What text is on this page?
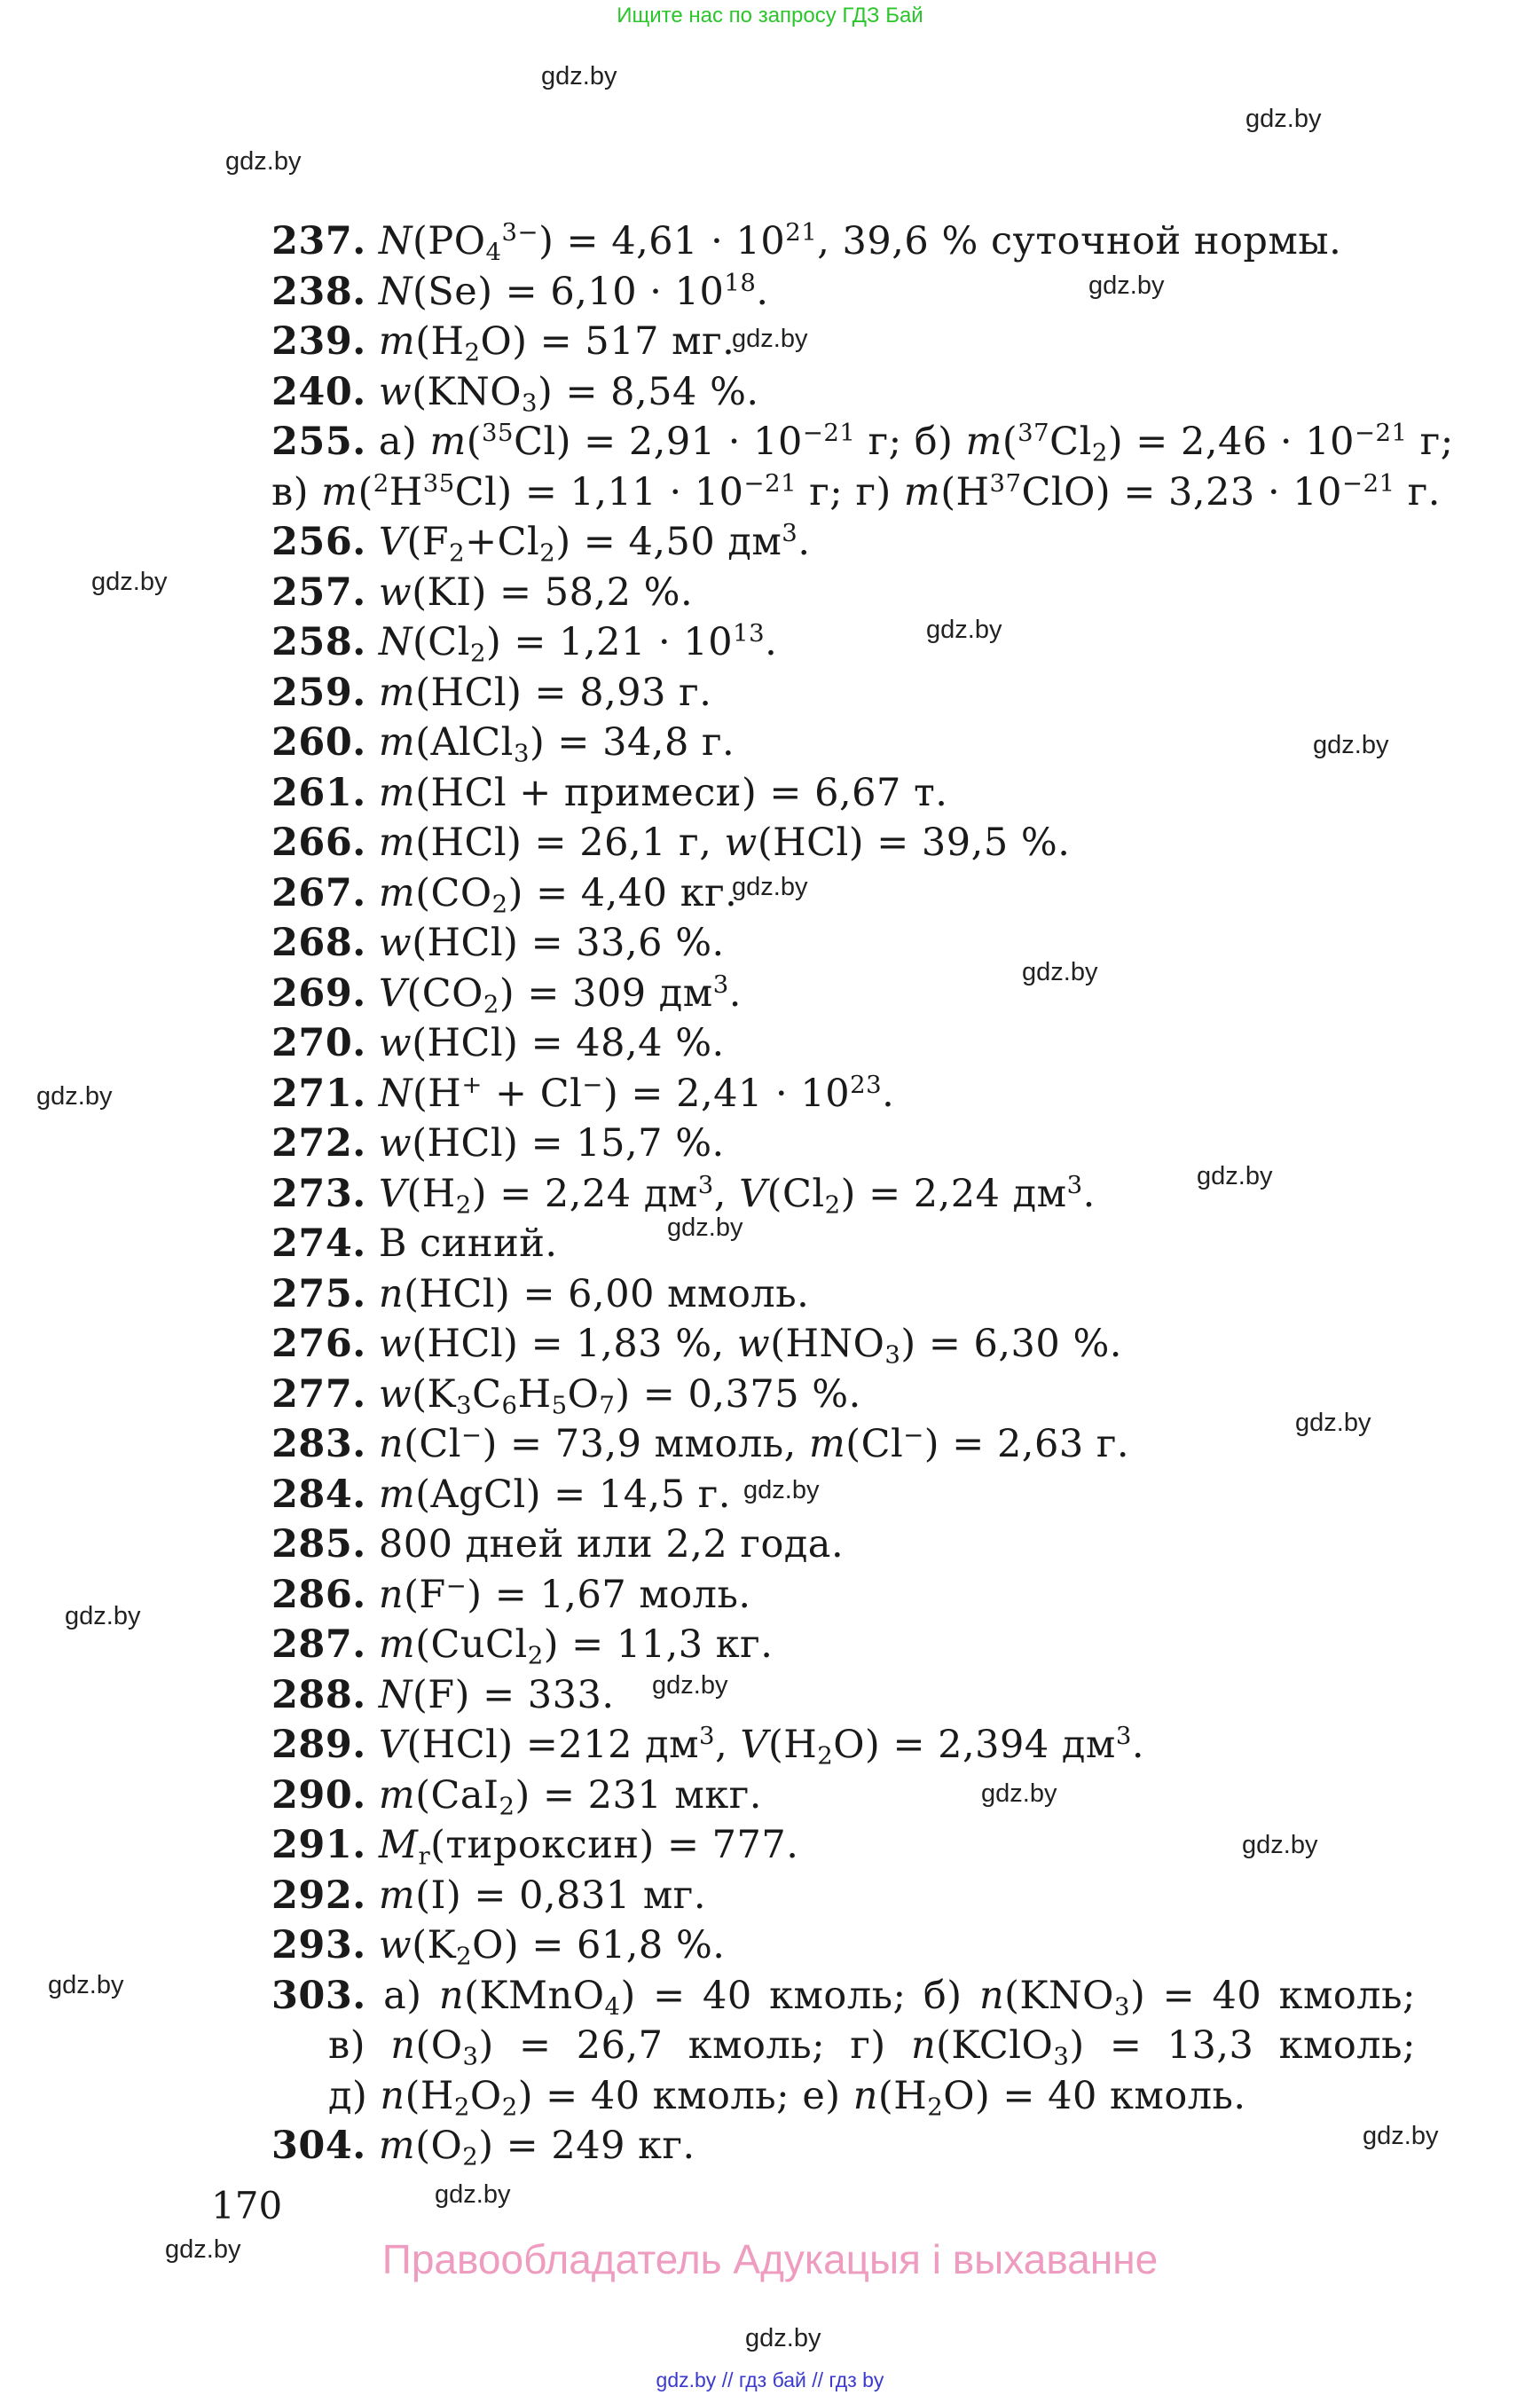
Ищите нас по запросу ГДЗ Бай
gdz.by
gdz.by
gdz.by
gdz.by
gdz.by
gdz.by
gdz.by
gdz.by
gdz.by
gdz.by
gdz.by
gdz.by
gdz.by
gdz.by
gdz.by
gdz.by
gdz.by
gdz.by
gdz.by
gdz.by
gdz.by
gdz.by
gdz.by
gdz.by
237. $N(PO_4^{3-}) = 4,61 \cdot 10^{21}$, 39,6 % суточной нормы.
238. $N(Se) = 6,10 \cdot 10^{18}$.
239. $m(H_2O) = 517$ мг.
240. $w(KNO_3) = 8,54$ %.
255. а) $m(^{35}Cl) = 2,91 \cdot 10^{-21}$ г; б) $m(^{37}Cl_2) = 2,46 \cdot 10^{-21}$ г;
в) $m(^2H^{35}Cl) = 1,11 \cdot 10^{-21}$ г; г) $m(H^{37}ClO) = 3,23 \cdot 10^{-21}$ г.
256. $V(F_2+Cl_2) = 4,50$ $дм^3$.
257. w(KI) = 58,2 %.
258. $N(Cl_2) = 1,21 \cdot 10^{13}$.
259. m(HCl) = 8,93 г.
260. m(AlCl$_3$) = 34,8 г.
261. m(HCl + примеси) = 6,67 т.
266. m(HCl) = 26,1 г, w(HCl) = 39,5 %.
267. $m(CO_2) = 4,40$ кг.
268. w(HCl) = 33,6 %.
269. $V(CO_2) = 309$ $дм^3$.
270. w(HCl) = 48,4 %.
271. $N(H^+ + Cl^-) = 2,41 \cdot 10^{23}$.
272. w(HCl) = 15,7 %.
273. $V(H_2) = 2,24$ $дм^3$, $V(Cl_2) = 2,24$ $дм^3$.
274. В синий.
275. n(HCl) = 6,00 ммоль.
276. w(HCl) = 1,83 %, $w(HNO_3) = 6,30$ %.
277. $w(K_3C_6H_5O_7) = 0,375$ %.
283. n(Cl−) = 73,9 ммоль, m(Cl−) = 2,63 г.
284. m(AgCl) = 14,5 г.
285. 800 дней или 2,2 года.
286. n(F−) = 1,67 моль.
287. m(CuCl$_2$) = 11,3 кг.
288. N(F) = 333.
289. V(HCl) =212 $дм^3$, $V(H_2O) = 2,394$ $дм^3$.
290. m(CaI$_2$) = 231 мкг.
291. $M_r(тироксин) = 777$.
292. m(I) = 0,831 мг.
293. $w(K_2O) = 61,8$ %.
303. а) n(KMnO$_4$) = 40 кмоль; б) $n(KNO_3) = 40$ кмоль;
в) $n(O_3) = 26,7$ кмоль; г) n(KClO$_3$) = 13,3 кмоль;
д) $n(H_2O_2) = 40$ кмоль; е) $n(H_2O) = 40$ кмоль.
304. $m(O_2) = 249$ кг.
170
Правообладатель Адукацыя і выхаванне
gdz.by // гдз бай // гдз by
